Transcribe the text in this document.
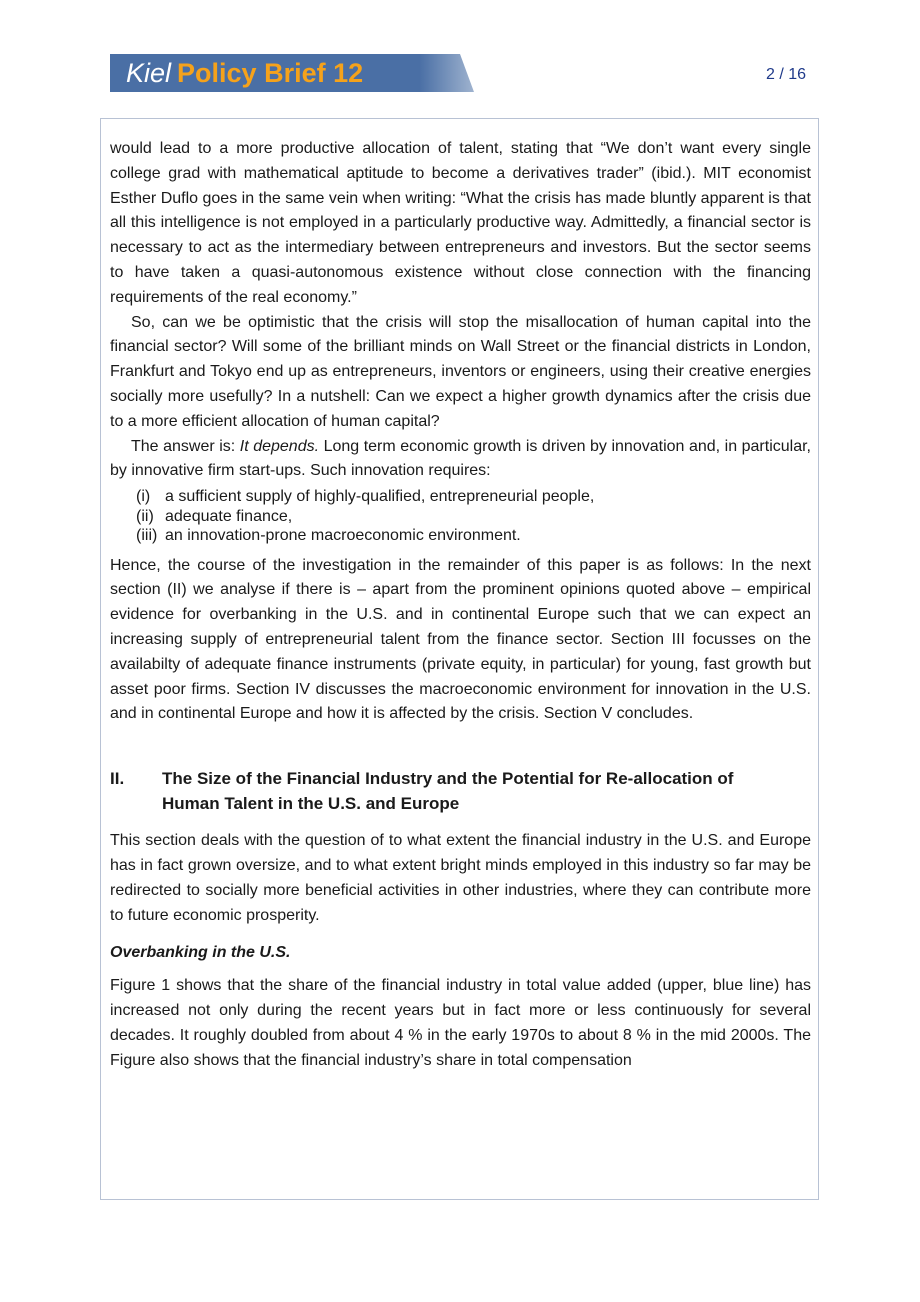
Kiel Policy Brief 12	2 / 16

would lead to a more productive allocation of talent, stating that “We don’t want every single college grad with mathematical aptitude to become a derivatives trader” (ibid.). MIT economist Esther Duflo goes in the same vein when writing: “What the crisis has made bluntly apparent is that all this intelligence is not employed in a particularly productive way. Admittedly, a financial sector is necessary to act as the intermediary between entrepreneurs and investors. But the sector seems to have taken a quasi-autonomous existence without close connection with the financing requirements of the real economy.”

So, can we be optimistic that the crisis will stop the misallocation of human capital into the financial sector? Will some of the brilliant minds on Wall Street or the financial districts in London, Frankfurt and Tokyo end up as entrepreneurs, inventors or engineers, using their creative energies socially more usefully? In a nutshell: Can we expect a higher growth dynamics after the crisis due to a more efficient allocation of human capital?

The answer is: It depends. Long term economic growth is driven by innovation and, in particular, by innovative firm start-ups. Such innovation requires:

(i) a sufficient supply of highly-qualified, entrepreneurial people,
(ii) adequate finance,
(iii) an innovation-prone macroeconomic environment.

Hence, the course of the investigation in the remainder of this paper is as follows: In the next section (II) we analyse if there is – apart from the prominent opinions quoted above – empirical evidence for overbanking in the U.S. and in continental Europe such that we can expect an increasing supply of entrepreneurial talent from the finance sector. Section III focusses on the availabilty of adequate finance instruments (private equity, in particular) for young, fast growth but asset poor firms. Section IV discusses the macroeconomic environment for innovation in the U.S. and in continental Europe and how it is affected by the crisis. Section V concludes.

II.	The Size of the Financial Industry and the Potential for Re-allocation of Human Talent in the U.S. and Europe

This section deals with the question of to what extent the financial industry in the U.S. and Europe has in fact grown oversize, and to what extent bright minds employed in this industry so far may be redirected to socially more beneficial activities in other industries, where they can contribute more to future economic prosperity.

Overbanking in the U.S.

Figure 1 shows that the share of the financial industry in total value added (upper, blue line) has increased not only during the recent years but in fact more or less continuously for several decades. It roughly doubled from about 4 % in the early 1970s to about 8 % in the mid 2000s. The Figure also shows that the financial industry’s share in total compensation
